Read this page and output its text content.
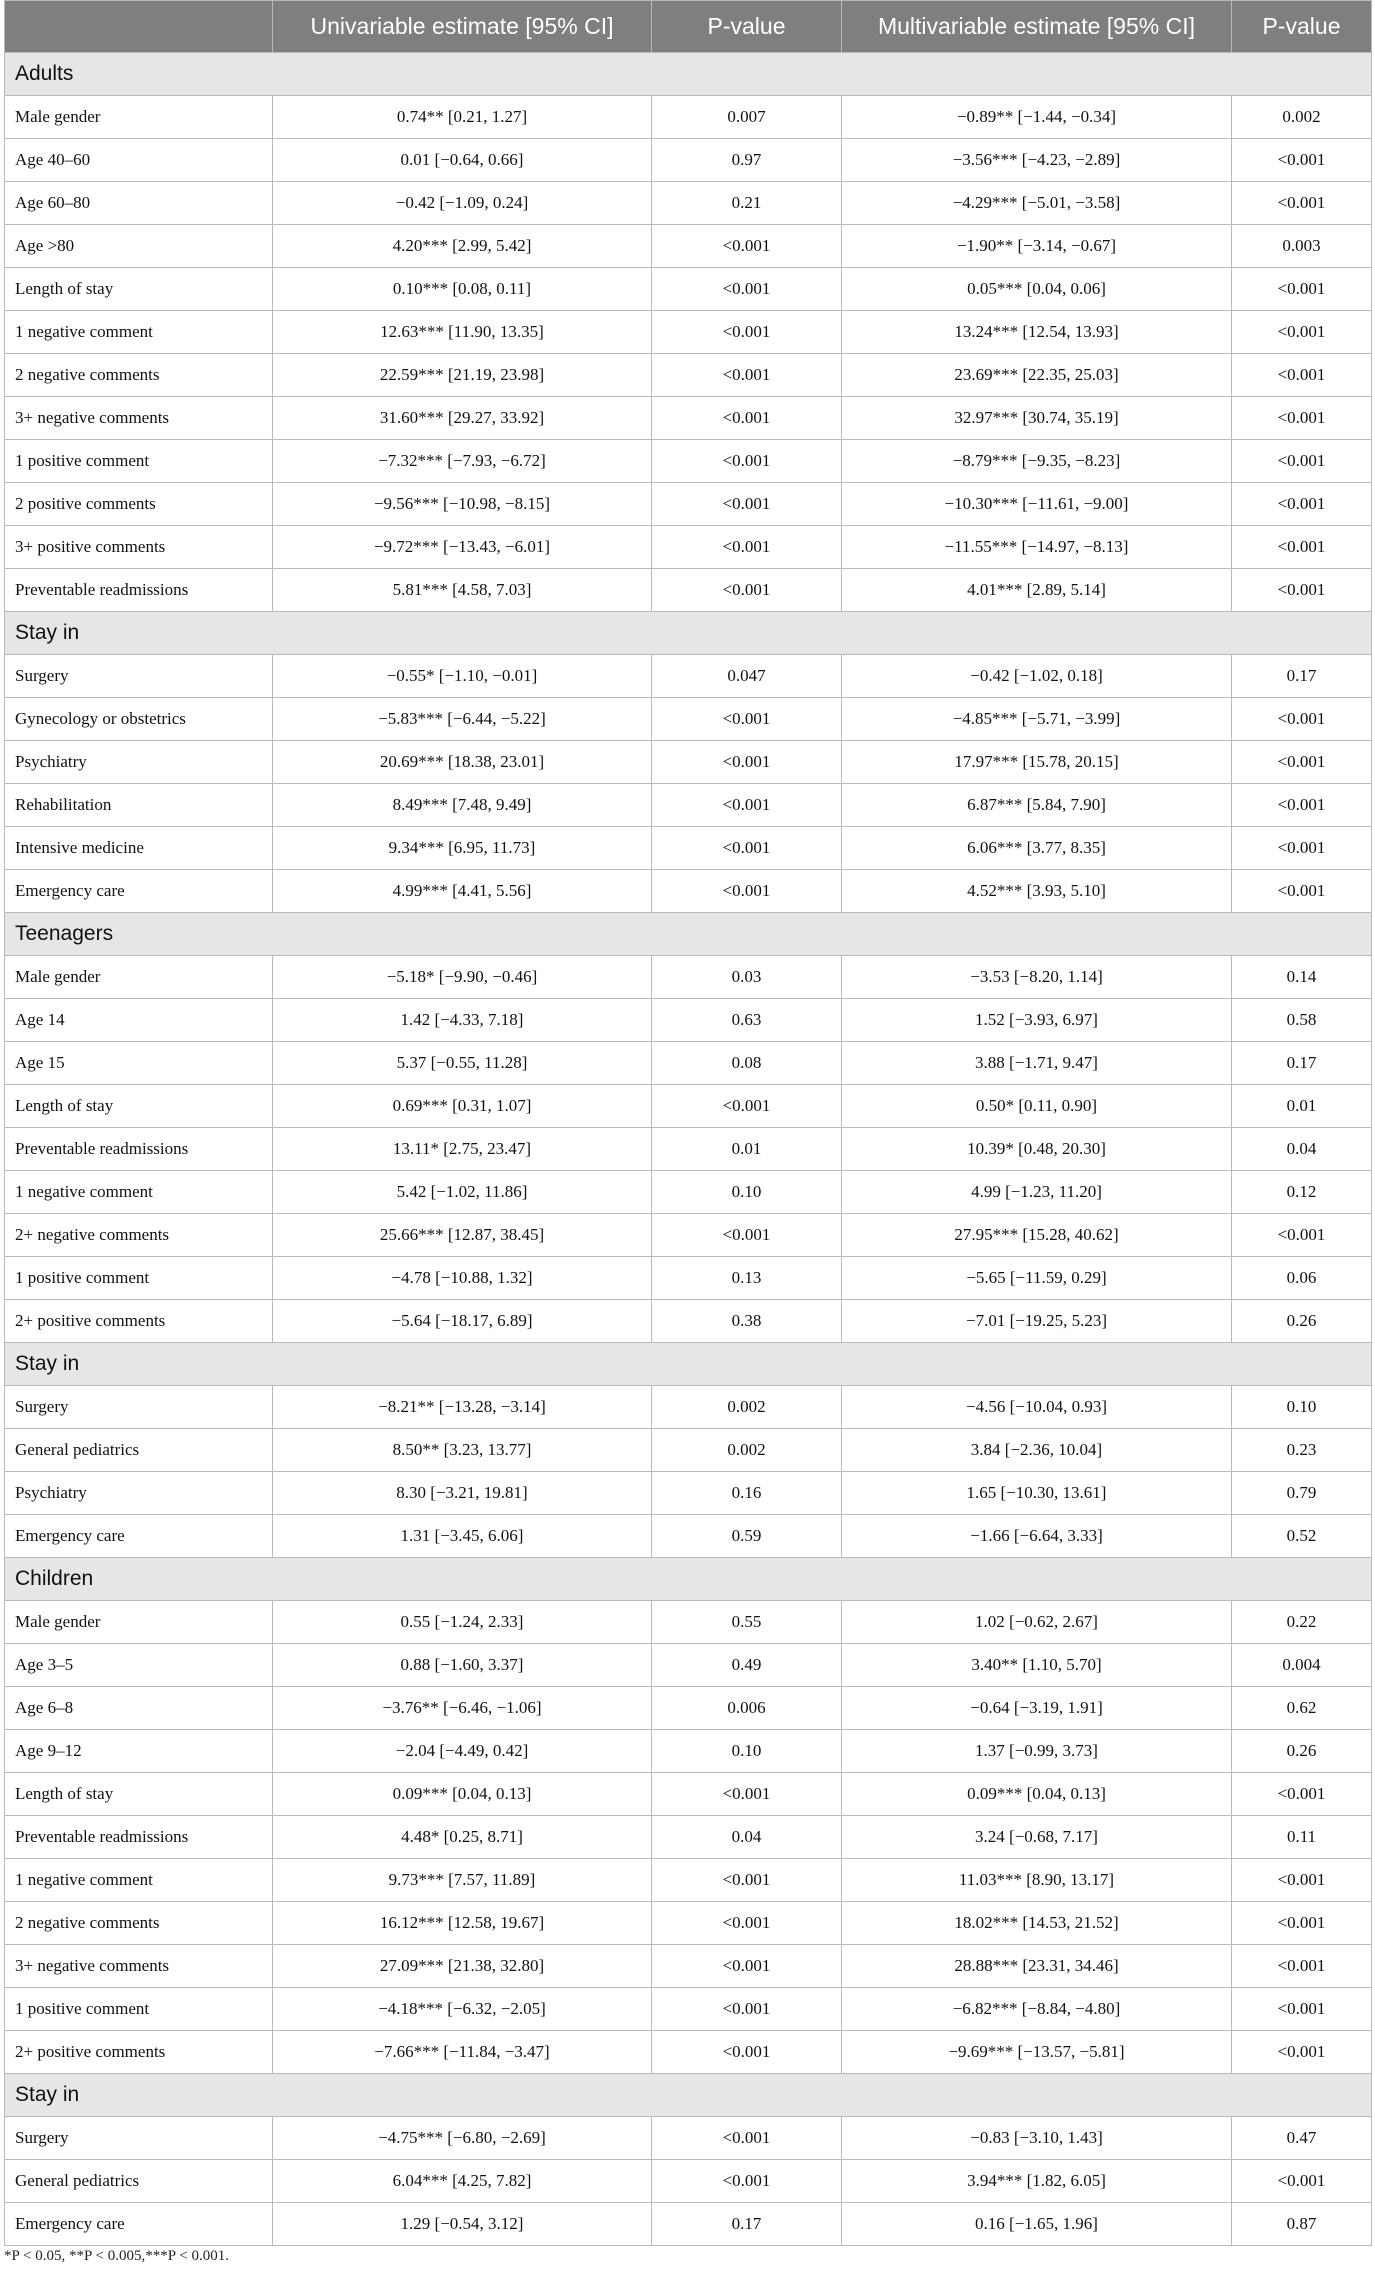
	Univariable estimate [95% CI]	P-value	Multivariable estimate [95% CI]	P-value
Adults				
Male gender	0.74** [0.21, 1.27]	0.007	−0.89** [−1.44, −0.34]	0.002
Age 40–60	0.01 [−0.64, 0.66]	0.97	−3.56*** [−4.23, −2.89]	<0.001
Age 60–80	−0.42 [−1.09, 0.24]	0.21	−4.29*** [−5.01, −3.58]	<0.001
Age >80	4.20*** [2.99, 5.42]	<0.001	−1.90** [−3.14, −0.67]	0.003
Length of stay	0.10*** [0.08, 0.11]	<0.001	0.05*** [0.04, 0.06]	<0.001
1 negative comment	12.63*** [11.90, 13.35]	<0.001	13.24*** [12.54, 13.93]	<0.001
2 negative comments	22.59*** [21.19, 23.98]	<0.001	23.69*** [22.35, 25.03]	<0.001
3+ negative comments	31.60*** [29.27, 33.92]	<0.001	32.97*** [30.74, 35.19]	<0.001
1 positive comment	−7.32*** [−7.93, −6.72]	<0.001	−8.79*** [−9.35, −8.23]	<0.001
2 positive comments	−9.56*** [−10.98, −8.15]	<0.001	−10.30*** [−11.61, −9.00]	<0.001
3+ positive comments	−9.72*** [−13.43, −6.01]	<0.001	−11.55*** [−14.97, −8.13]	<0.001
Preventable readmissions	5.81*** [4.58, 7.03]	<0.001	4.01*** [2.89, 5.14]	<0.001
Stay in				
Surgery	−0.55* [−1.10, −0.01]	0.047	−0.42 [−1.02, 0.18]	0.17
Gynecology or obstetrics	−5.83*** [−6.44, −5.22]	<0.001	−4.85*** [−5.71, −3.99]	<0.001
Psychiatry	20.69*** [18.38, 23.01]	<0.001	17.97*** [15.78, 20.15]	<0.001
Rehabilitation	8.49*** [7.48, 9.49]	<0.001	6.87*** [5.84, 7.90]	<0.001
Intensive medicine	9.34*** [6.95, 11.73]	<0.001	6.06*** [3.77, 8.35]	<0.001
Emergency care	4.99*** [4.41, 5.56]	<0.001	4.52*** [3.93, 5.10]	<0.001
Teenagers				
Male gender	−5.18* [−9.90, −0.46]	0.03	−3.53 [−8.20, 1.14]	0.14
Age 14	1.42 [−4.33, 7.18]	0.63	1.52 [−3.93, 6.97]	0.58
Age 15	5.37 [−0.55, 11.28]	0.08	3.88 [−1.71, 9.47]	0.17
Length of stay	0.69*** [0.31, 1.07]	<0.001	0.50* [0.11, 0.90]	0.01
Preventable readmissions	13.11* [2.75, 23.47]	0.01	10.39* [0.48, 20.30]	0.04
1 negative comment	5.42 [−1.02, 11.86]	0.10	4.99 [−1.23, 11.20]	0.12
2+ negative comments	25.66*** [12.87, 38.45]	<0.001	27.95*** [15.28, 40.62]	<0.001
1 positive comment	−4.78 [−10.88, 1.32]	0.13	−5.65 [−11.59, 0.29]	0.06
2+ positive comments	−5.64 [−18.17, 6.89]	0.38	−7.01 [−19.25, 5.23]	0.26
Stay in				
Surgery	−8.21** [−13.28, −3.14]	0.002	−4.56 [−10.04, 0.93]	0.10
General pediatrics	8.50** [3.23, 13.77]	0.002	3.84 [−2.36, 10.04]	0.23
Psychiatry	8.30 [−3.21, 19.81]	0.16	1.65 [−10.30, 13.61]	0.79
Emergency care	1.31 [−3.45, 6.06]	0.59	−1.66 [−6.64, 3.33]	0.52
Children				
Male gender	0.55 [−1.24, 2.33]	0.55	1.02 [−0.62, 2.67]	0.22
Age 3–5	0.88 [−1.60, 3.37]	0.49	3.40** [1.10, 5.70]	0.004
Age 6–8	−3.76** [−6.46, −1.06]	0.006	−0.64 [−3.19, 1.91]	0.62
Age 9–12	−2.04 [−4.49, 0.42]	0.10	1.37 [−0.99, 3.73]	0.26
Length of stay	0.09*** [0.04, 0.13]	<0.001	0.09*** [0.04, 0.13]	<0.001
Preventable readmissions	4.48* [0.25, 8.71]	0.04	3.24 [−0.68, 7.17]	0.11
1 negative comment	9.73*** [7.57, 11.89]	<0.001	11.03*** [8.90, 13.17]	<0.001
2 negative comments	16.12*** [12.58, 19.67]	<0.001	18.02*** [14.53, 21.52]	<0.001
3+ negative comments	27.09*** [21.38, 32.80]	<0.001	28.88*** [23.31, 34.46]	<0.001
1 positive comment	−4.18*** [−6.32, −2.05]	<0.001	−6.82*** [−8.84, −4.80]	<0.001
2+ positive comments	−7.66*** [−11.84, −3.47]	<0.001	−9.69*** [−13.57, −5.81]	<0.001
Stay in				
Surgery	−4.75*** [−6.80, −2.69]	<0.001	−0.83 [−3.10, 1.43]	0.47
General pediatrics	6.04*** [4.25, 7.82]	<0.001	3.94*** [1.82, 6.05]	<0.001
Emergency care	1.29 [−0.54, 3.12]	0.17	0.16 [−1.65, 1.96]	0.87
*P < 0.05, **P < 0.005,***P < 0.001.
